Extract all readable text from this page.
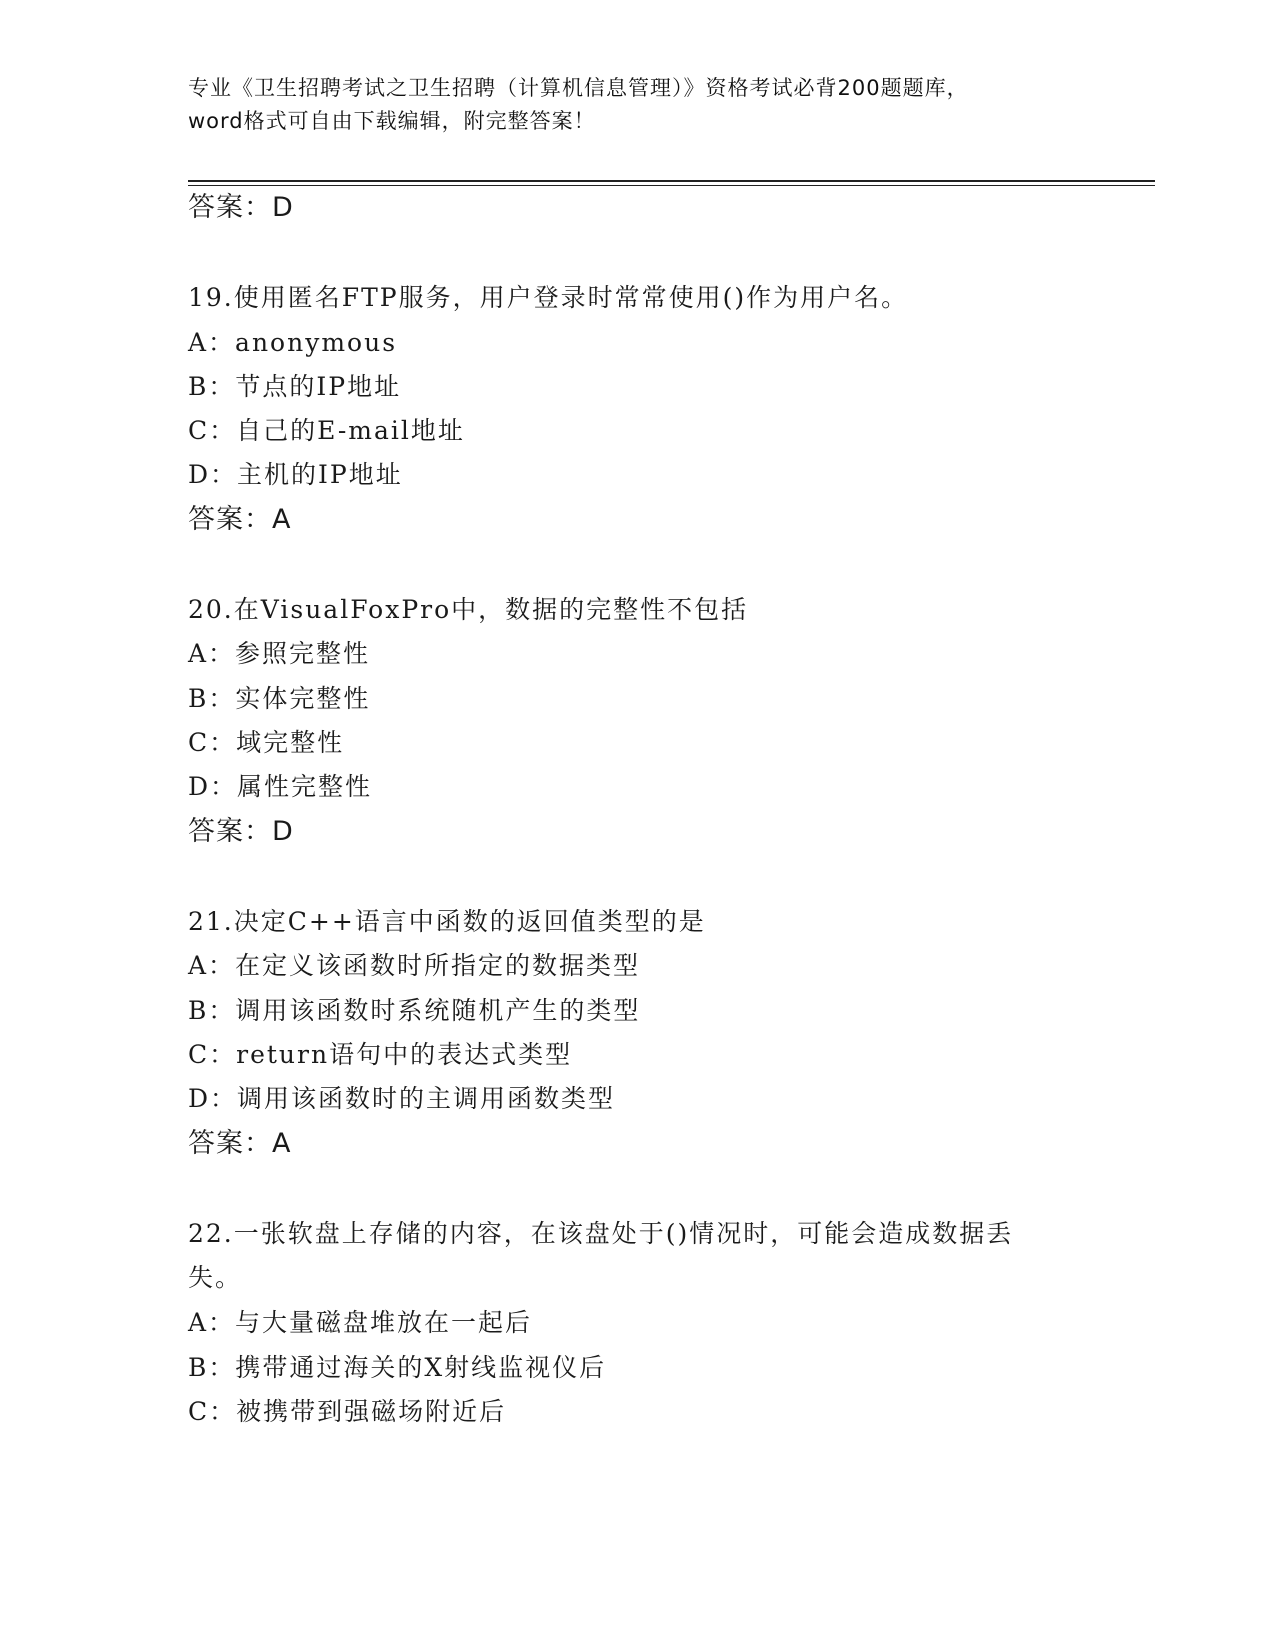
专业《卫生招聘考试之卫生招聘（计算机信息管理）》资格考试必背200题题库，
word格式可自由下载编辑，附完整答案！
答案：D
19.使用匿名FTP服务，用户登录时常常使用()作为用户名。
A：anonymous
B：节点的IP地址
C：自己的E-mail地址
D：主机的IP地址
答案：A
20.在VisualFoxPro中，数据的完整性不包括
A：参照完整性
B：实体完整性
C：域完整性
D：属性完整性
答案：D
21.决定C++语言中函数的返回值类型的是
A：在定义该函数时所指定的数据类型
B：调用该函数时系统随机产生的类型
C：return语句中的表达式类型
D：调用该函数时的主调用函数类型
答案：A
22.一张软盘上存储的内容，在该盘处于()情况时，可能会造成数据丢
失。
A：与大量磁盘堆放在一起后
B：携带通过海关的X射线监视仪后
C：被携带到强磁场附近后
